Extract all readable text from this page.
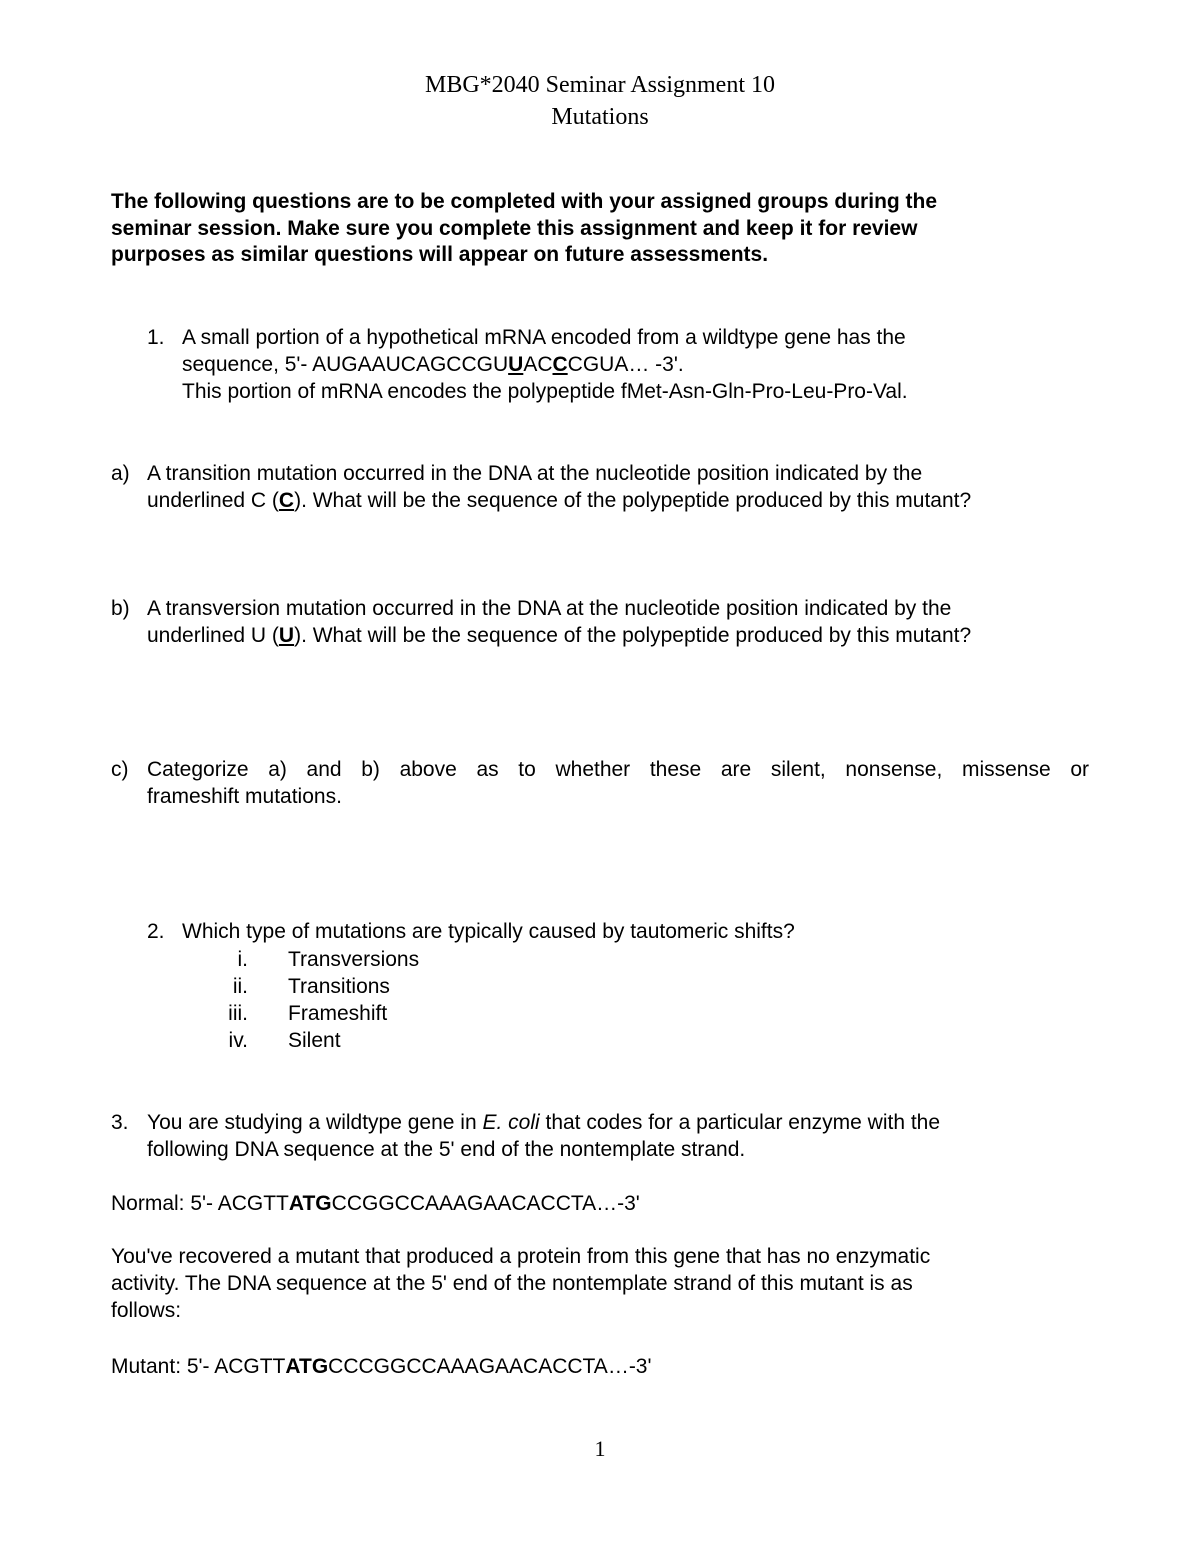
MBG*2040 Seminar Assignment 10
Mutations
The following questions are to be completed with your assigned groups during the
seminar session. Make sure you complete this assignment and keep it for review
purposes as similar questions will appear on future assessments.
1. A small portion of a hypothetical mRNA encoded from a wildtype gene has the
sequence, 5'- AUGAAUCAGCCGUUACCCGUA… -3'.
This portion of mRNA encodes the polypeptide fMet-Asn-Gln-Pro-Leu-Pro-Val.
a) A transition mutation occurred in the DNA at the nucleotide position indicated by the
underlined C (C). What will be the sequence of the polypeptide produced by this mutant?
b) A transversion mutation occurred in the DNA at the nucleotide position indicated by the
underlined U (U). What will be the sequence of the polypeptide produced by this mutant?
c) Categorize a) and b) above as to whether these are silent, nonsense, missense or
frameshift mutations.
2. Which type of mutations are typically caused by tautomeric shifts?
i. Transversions
ii. Transitions
iii. Frameshift
iv. Silent
3. You are studying a wildtype gene in E. coli that codes for a particular enzyme with the
following DNA sequence at the 5' end of the nontemplate strand.
Normal: 5'- ACGTTATGCCGGCCAAAGAACACCTA…-3'
You've recovered a mutant that produced a protein from this gene that has no enzymatic
activity. The DNA sequence at the 5' end of the nontemplate strand of this mutant is as
follows:
Mutant: 5'- ACGTTATGCCCGGCCAAAGAACACCTA…-3'
1
